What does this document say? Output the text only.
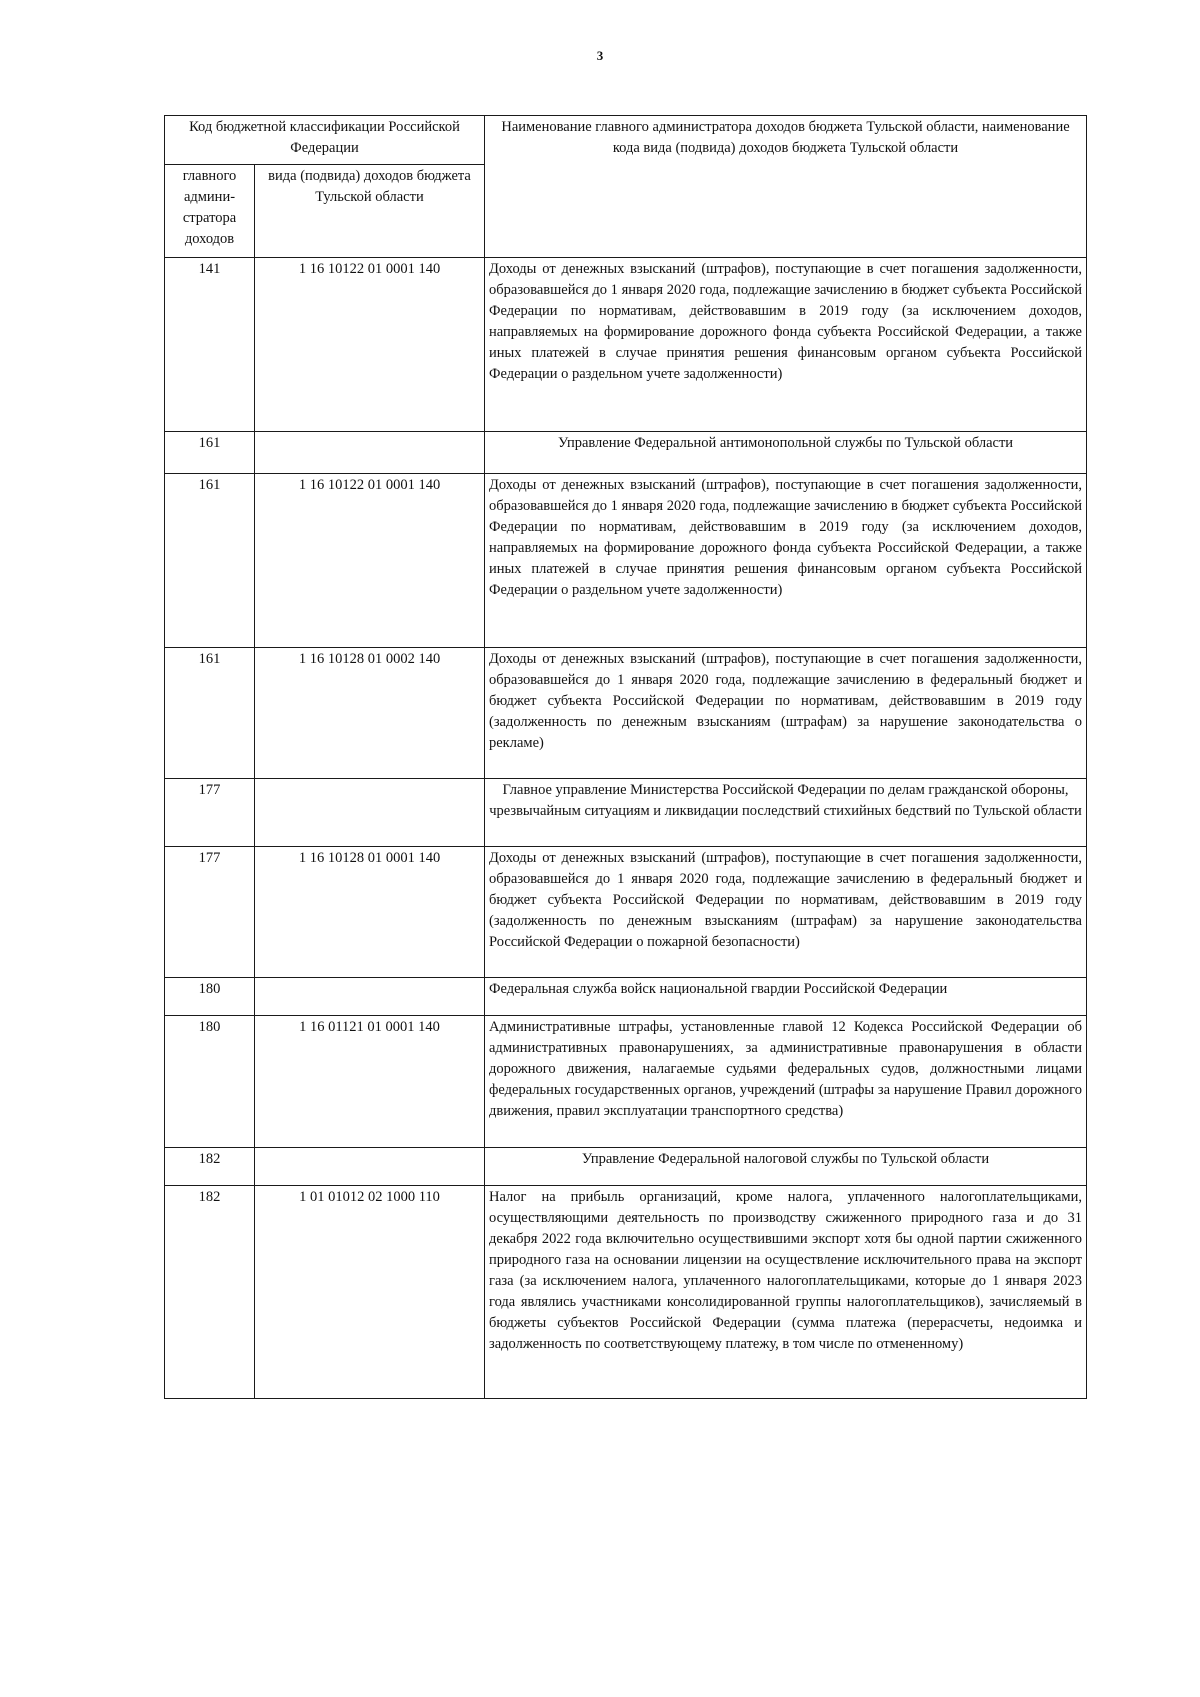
3
Код бюджетной классификации Российской Федерации		Наименование главного администратора доходов бюджета Тульской области, наименование кода вида (подвида) доходов бюджета Тульской области
главного админи-стратора доходов	вида (подвида) доходов бюджета Тульской области	
141	1 16 10122 01 0001 140	Доходы от денежных взысканий (штрафов), поступающие в счет погашения задолженности, образовавшейся до 1 января 2020 года, подлежащие зачислению в бюджет субъекта Российской Федерации по нормативам, действовавшим в 2019 году (за исключением доходов, направляемых на формирование дорожного фонда субъекта Российской Федерации, а также иных платежей в случае принятия решения финансовым органом субъекта Российской Федерации о раздельном учете задолженности)
161		Управление Федеральной антимонопольной службы по Тульской области
161	1 16 10122 01 0001 140	Доходы от денежных взысканий (штрафов), поступающие в счет погашения задолженности, образовавшейся до 1 января 2020 года, подлежащие зачислению в бюджет субъекта Российской Федерации по нормативам, действовавшим в 2019 году (за исключением доходов, направляемых на формирование дорожного фонда субъекта Российской Федерации, а также иных платежей в случае принятия решения финансовым органом субъекта Российской Федерации о раздельном учете задолженности)
161	1 16 10128 01 0002 140	Доходы от денежных взысканий (штрафов), поступающие в счет погашения задолженности, образовавшейся до 1 января 2020 года, подлежащие зачислению в федеральный бюджет и бюджет субъекта Российской Федерации по нормативам, действовавшим в 2019 году (задолженность по денежным взысканиям (штрафам) за нарушение законодательства о рекламе)
177		Главное управление Министерства Российской Федерации по делам гражданской обороны, чрезвычайным ситуациям и ликвидации последствий стихийных бедствий по Тульской области
177	1 16 10128 01 0001 140	Доходы от денежных взысканий (штрафов), поступающие в счет погашения задолженности, образовавшейся до 1 января 2020 года, подлежащие зачислению в федеральный бюджет и бюджет субъекта Российской Федерации по нормативам, действовавшим в 2019 году (задолженность по денежным взысканиям (штрафам) за нарушение законодательства Российской Федерации о пожарной безопасности)
180		Федеральная служба войск национальной гвардии Российской Федерации
180	1 16 01121 01 0001 140	Административные штрафы, установленные главой 12 Кодекса Российской Федерации об административных правонарушениях, за административные правонарушения в области дорожного движения, налагаемые судьями федеральных судов, должностными лицами федеральных государственных органов, учреждений (штрафы за нарушение Правил дорожного движения, правил эксплуатации транспортного средства)
182		Управление Федеральной налоговой службы по Тульской области
182	1 01 01012 02 1000 110	Налог на прибыль организаций, кроме налога, уплаченного налогоплательщиками, осуществляющими деятельность по производству сжиженного природного газа и до 31 декабря 2022 года включительно осуществившими экспорт хотя бы одной партии сжиженного природного газа на основании лицензии на осуществление исключительного права на экспорт газа (за исключением налога, уплаченного налогоплательщиками, которые до 1 января 2023 года являлись участниками консолидированной группы налогоплательщиков), зачисляемый в бюджеты субъектов Российской Федерации (сумма платежа (перерасчеты, недоимка и задолженность по соответствующему платежу, в том числе по отмененному)
